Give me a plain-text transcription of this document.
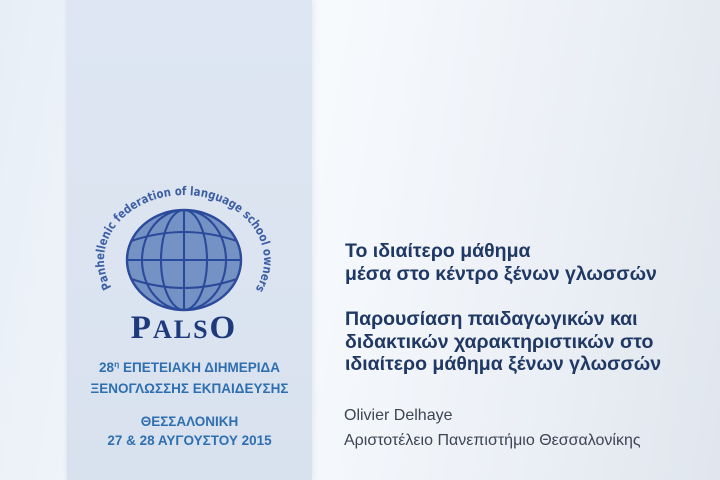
Panhellenic federation of language school owners
PALSO
$28^\eta$ ΕΠΕΤΕΙΑΚΗ ΔΙΗΜΕΡΙΔΑ
ΞΕΝΟΓΛΩΣΣΗΣ ΕΚΠΑΙΔΕΥΣΗΣ
ΘΕΣΣΑΛΟΝΙΚΗ
27 & 28 ΑΥΓΟΥΣΤΟΥ 2015
Το ιδιαίτερο μάθημα
μέσα στο κέντρο ξένων γλωσσών
Παρουσίαση παιδαγωγικών και
διδακτικών χαρακτηριστικών στο
ιδιαίτερο μάθημα ξένων γλωσσών
Olivier Delhaye
Αριστοτέλειο Πανεπιστήμιο Θεσσαλονίκης
